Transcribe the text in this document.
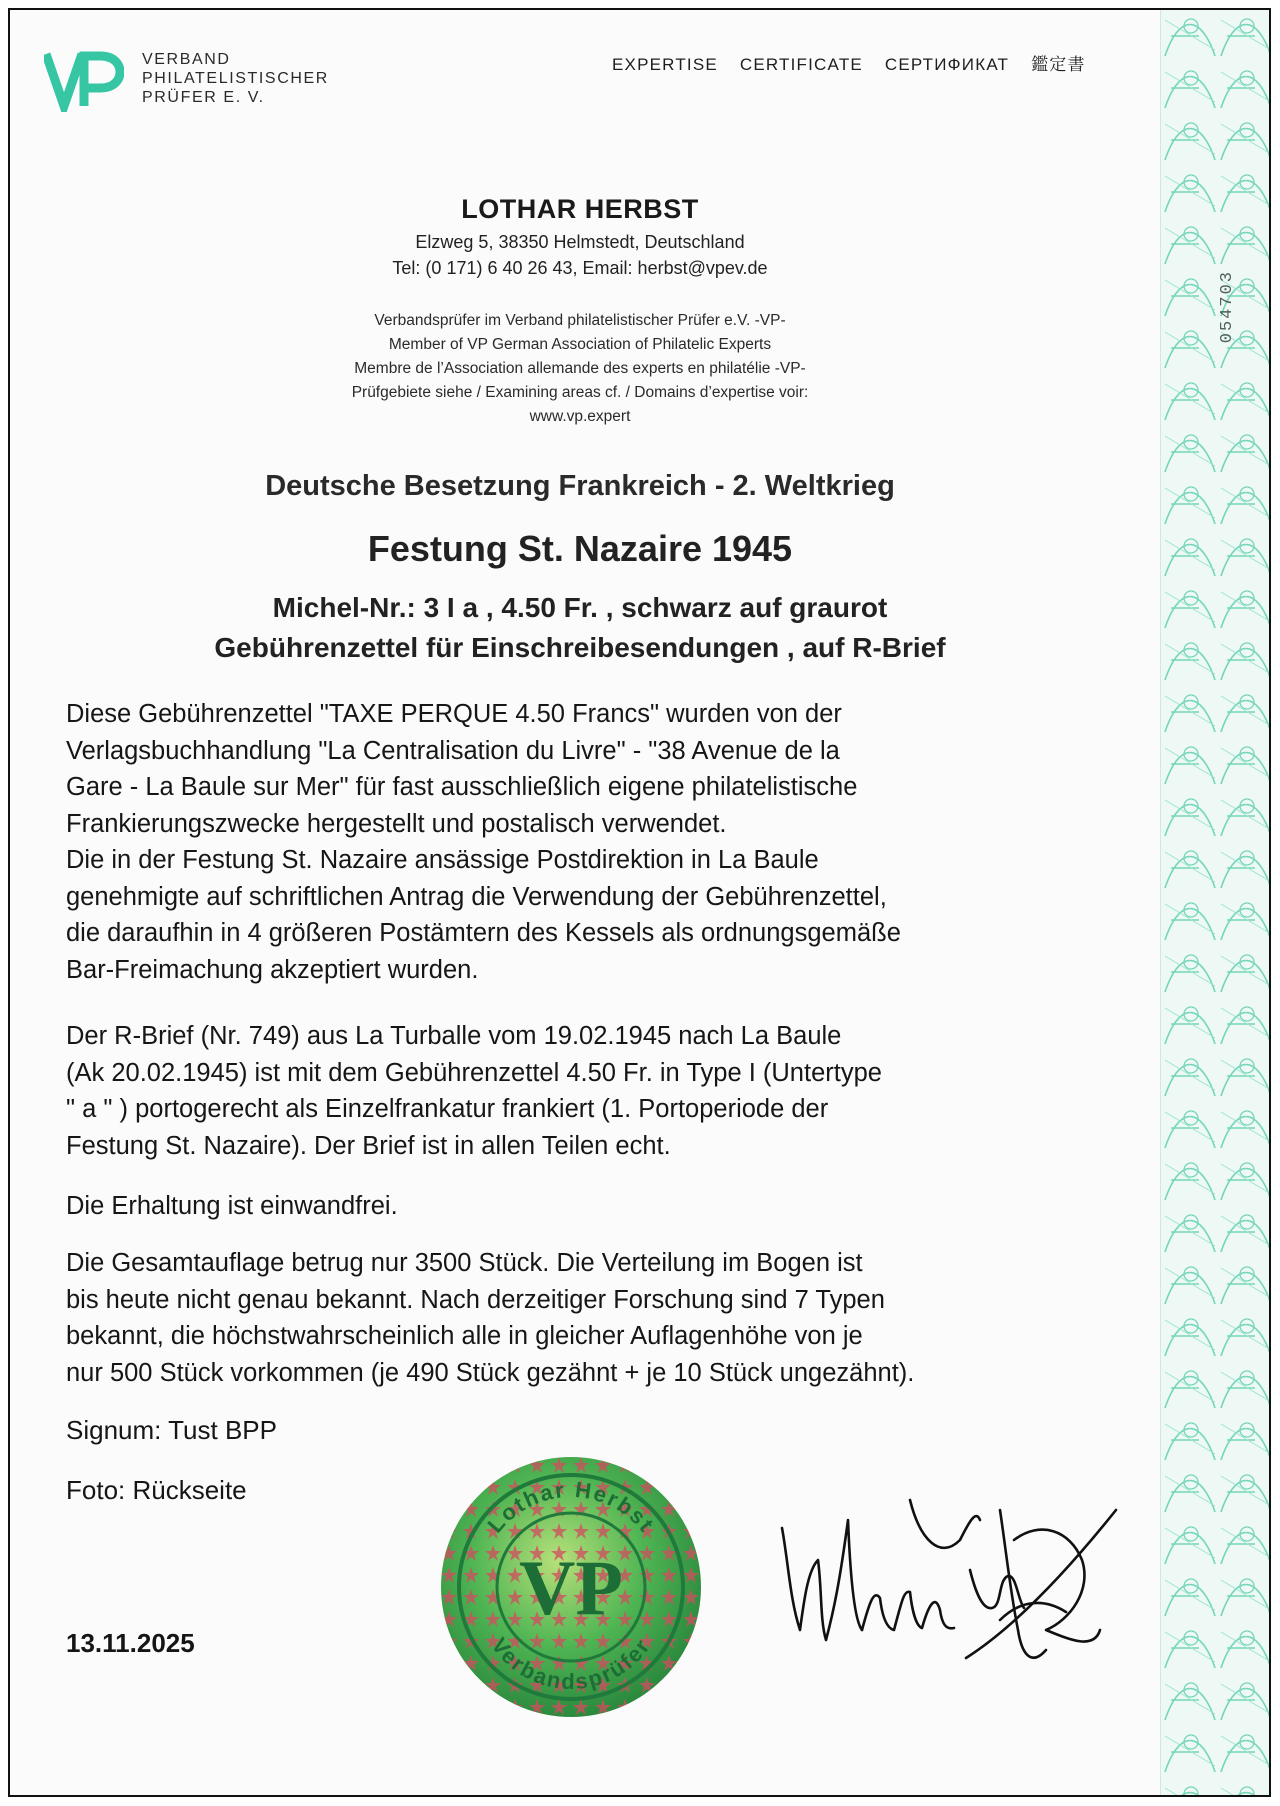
054703
VERBAND
PHILATELISTISCHER
PRÜFER E. V.
EXPERTISE CERTIFICATE СЕРТИФИКАТ 鑑定書
LOTHAR HERBST
Elzweg 5, 38350 Helmstedt, Deutschland
Tel: (0 171) 6 40 26 43, Email: herbst@vpev.de
Verbandsprüfer im Verband philatelistischer Prüfer e.V. -VP-
Member of VP German Association of Philatelic Experts
Membre de l’Association allemande des experts en philatélie -VP-
Prüfgebiete siehe / Examining areas cf. / Domains d’expertise voir:
www.vp.expert
Deutsche Besetzung Frankreich - 2. Weltkrieg
Festung St. Nazaire 1945
Michel-Nr.: 3 I a , 4.50 Fr. , schwarz auf graurot
Gebührenzettel für Einschreibesendungen , auf R-Brief

Diese Gebührenzettel "TAXE PERQUE 4.50 Francs" wurden von der

Verlagsbuchhandlung "La Centralisation du Livre" - "38 Avenue de la

Gare - La Baule sur Mer" für fast ausschließlich eigene philatelistische

Frankierungszwecke hergestellt und postalisch verwendet.

Die in der Festung St. Nazaire ansässige Postdirektion in La Baule

genehmigte auf schriftlichen Antrag die Verwendung der Gebührenzettel,

die daraufhin in 4 größeren Postämtern des Kessels als ordnungsgemäße

Bar-Freimachung akzeptiert wurden.

Der R-Brief (Nr. 749) aus La Turballe vom 19.02.1945 nach La Baule

(Ak 20.02.1945) ist mit dem Gebührenzettel 4.50 Fr. in Type I (Untertype

" a " ) portogerecht als Einzelfrankatur frankiert (1. Portoperiode der

Festung St. Nazaire). Der Brief ist in allen Teilen echt.

Die Erhaltung ist einwandfrei.

Die Gesamtauflage betrug nur 3500 Stück. Die Verteilung im Bogen ist

bis heute nicht genau bekannt. Nach derzeitiger Forschung sind 7 Typen

bekannt, die höchstwahrscheinlich alle in gleicher Auflagenhöhe von je

nur 500 Stück vorkommen (je 490 Stück gezähnt + je 10 Stück ungezähnt).

Signum: Tust BPP
Foto: Rückseite
13.11.2025
Lothar Herbst
Verbandsprüfer
VP
